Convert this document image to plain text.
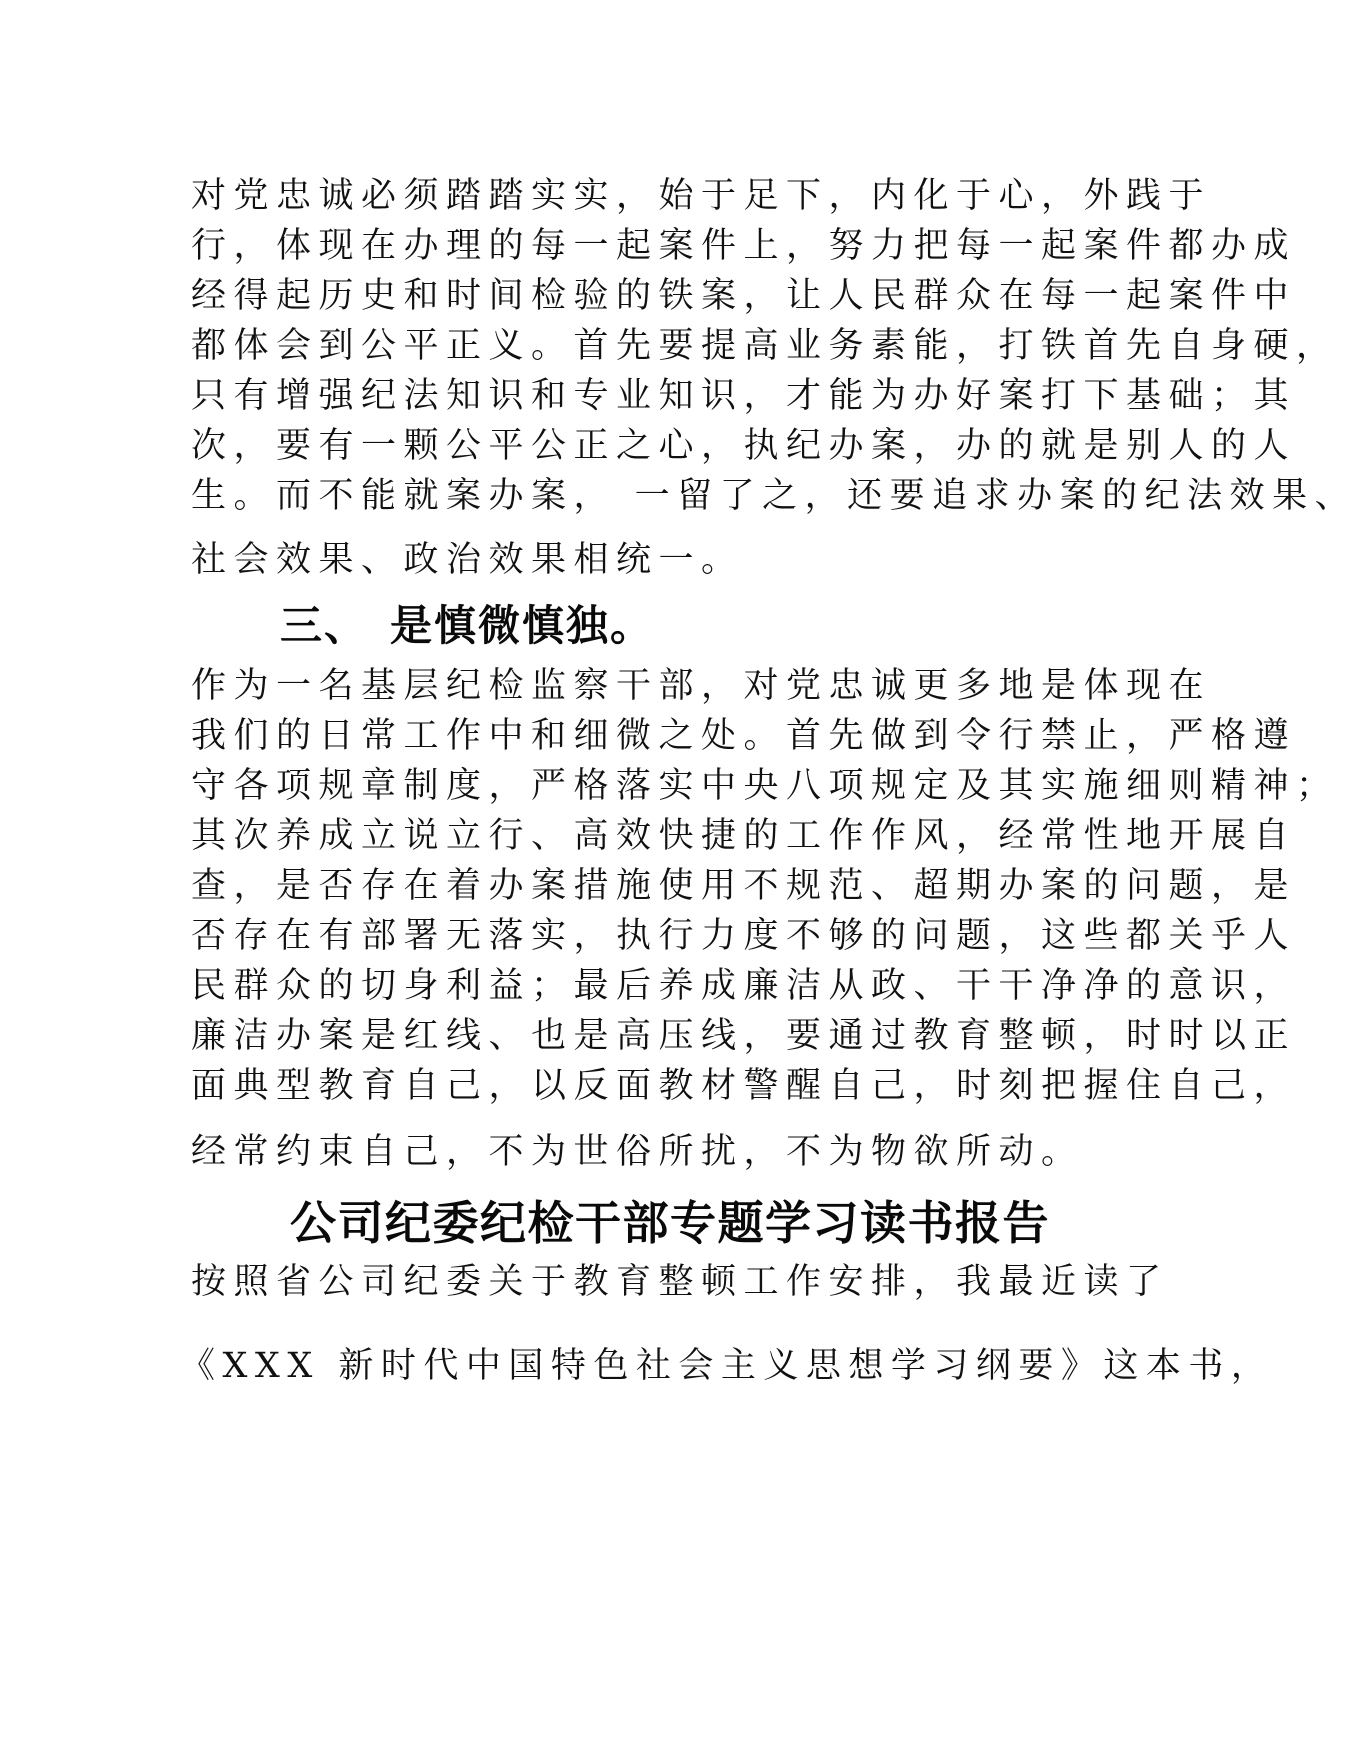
对党忠诚必须踏踏实实，始于足下，内化于心，外践于
行，体现在办理的每一起案件上，努力把每一起案件都办成
经得起历史和时间检验的铁案，让人民群众在每一起案件中
都体会到公平正义。首先要提高业务素能，打铁首先自身硬，
只有增强纪法知识和专业知识，才能为办好案打下基础；其
次，要有一颗公平公正之心，执纪办案，办的就是别人的人
生。而不能就案办案， 一留了之，还要追求办案的纪法效果、
社会效果、政治效果相统一。
三、 是慎微慎独。
作为一名基层纪检监察干部，对党忠诚更多地是体现在
我们的日常工作中和细微之处。首先做到令行禁止，严格遵
守各项规章制度，严格落实中央八项规定及其实施细则精神；
其次养成立说立行、高效快捷的工作作风，经常性地开展自
查，是否存在着办案措施使用不规范、超期办案的问题，是
否存在有部署无落实，执行力度不够的问题，这些都关乎人
民群众的切身利益；最后养成廉洁从政、干干净净的意识，
廉洁办案是红线、也是高压线，要通过教育整顿，时时以正
面典型教育自己，以反面教材警醒自己，时刻把握住自己，
经常约束自己，不为世俗所扰，不为物欲所动。
公司纪委纪检干部专题学习读书报告
按照省公司纪委关于教育整顿工作安排，我最近读了
《XXX 新时代中国特色社会主义思想学习纲要》这本书，
